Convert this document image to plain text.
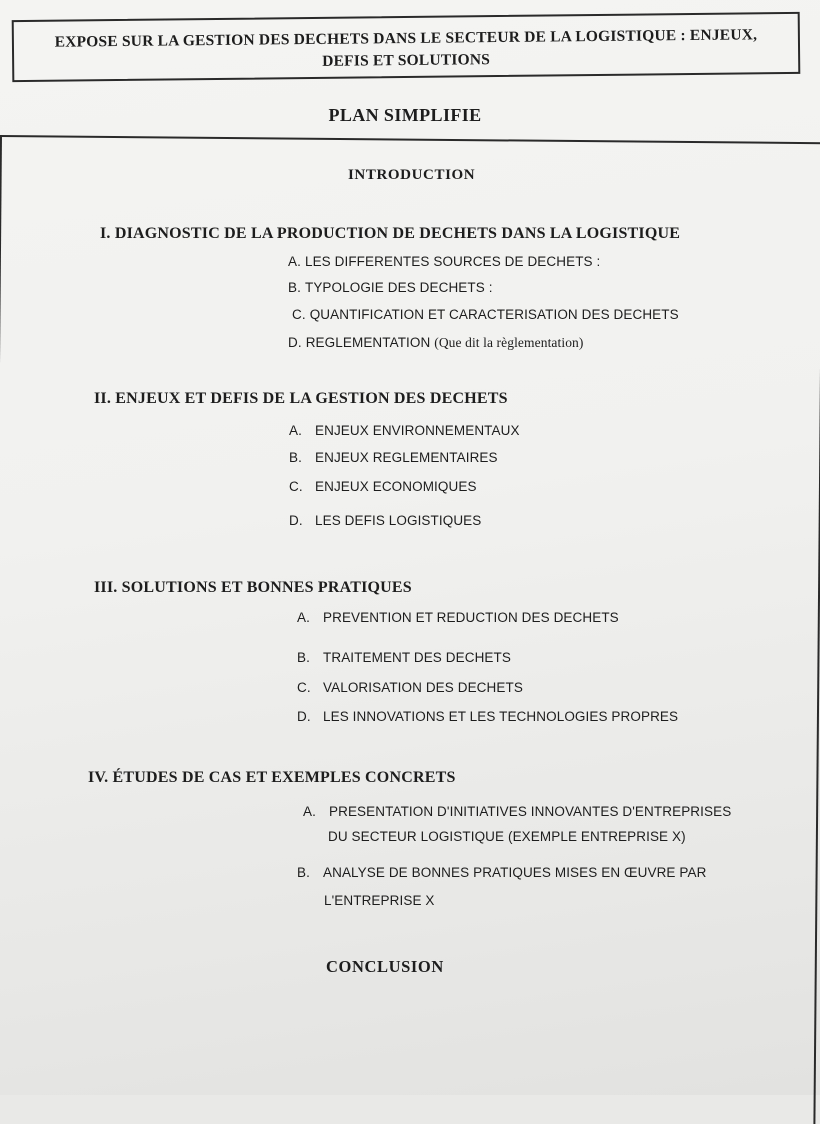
EXPOSE SUR LA GESTION DES DECHETS DANS LE SECTEUR DE LA LOGISTIQUE : ENJEUX,
DEFIS ET SOLUTIONS
PLAN SIMPLIFIE
INTRODUCTION
I. DIAGNOSTIC DE LA PRODUCTION DE DECHETS DANS LA LOGISTIQUE
A. LES DIFFERENTES SOURCES DE DECHETS :
B. TYPOLOGIE DES DECHETS :
C. QUANTIFICATION ET CARACTERISATION DES DECHETS
D. REGLEMENTATION (Que dit la règlementation)
II. ENJEUX ET DEFIS DE LA GESTION DES DECHETS
A. ENJEUX ENVIRONNEMENTAUX
B. ENJEUX REGLEMENTAIRES
C. ENJEUX ECONOMIQUES
D. LES DEFIS LOGISTIQUES
III. SOLUTIONS ET BONNES PRATIQUES
A. PREVENTION ET REDUCTION DES DECHETS
B. TRAITEMENT DES DECHETS
C. VALORISATION DES DECHETS
D. LES INNOVATIONS ET LES TECHNOLOGIES PROPRES
IV. ÉTUDES DE CAS ET EXEMPLES CONCRETS
A. PRESENTATION D'INITIATIVES INNOVANTES D'ENTREPRISES
DU SECTEUR LOGISTIQUE (EXEMPLE ENTREPRISE X)
B. ANALYSE DE BONNES PRATIQUES MISES EN ŒUVRE PAR
L'ENTREPRISE X
CONCLUSION
